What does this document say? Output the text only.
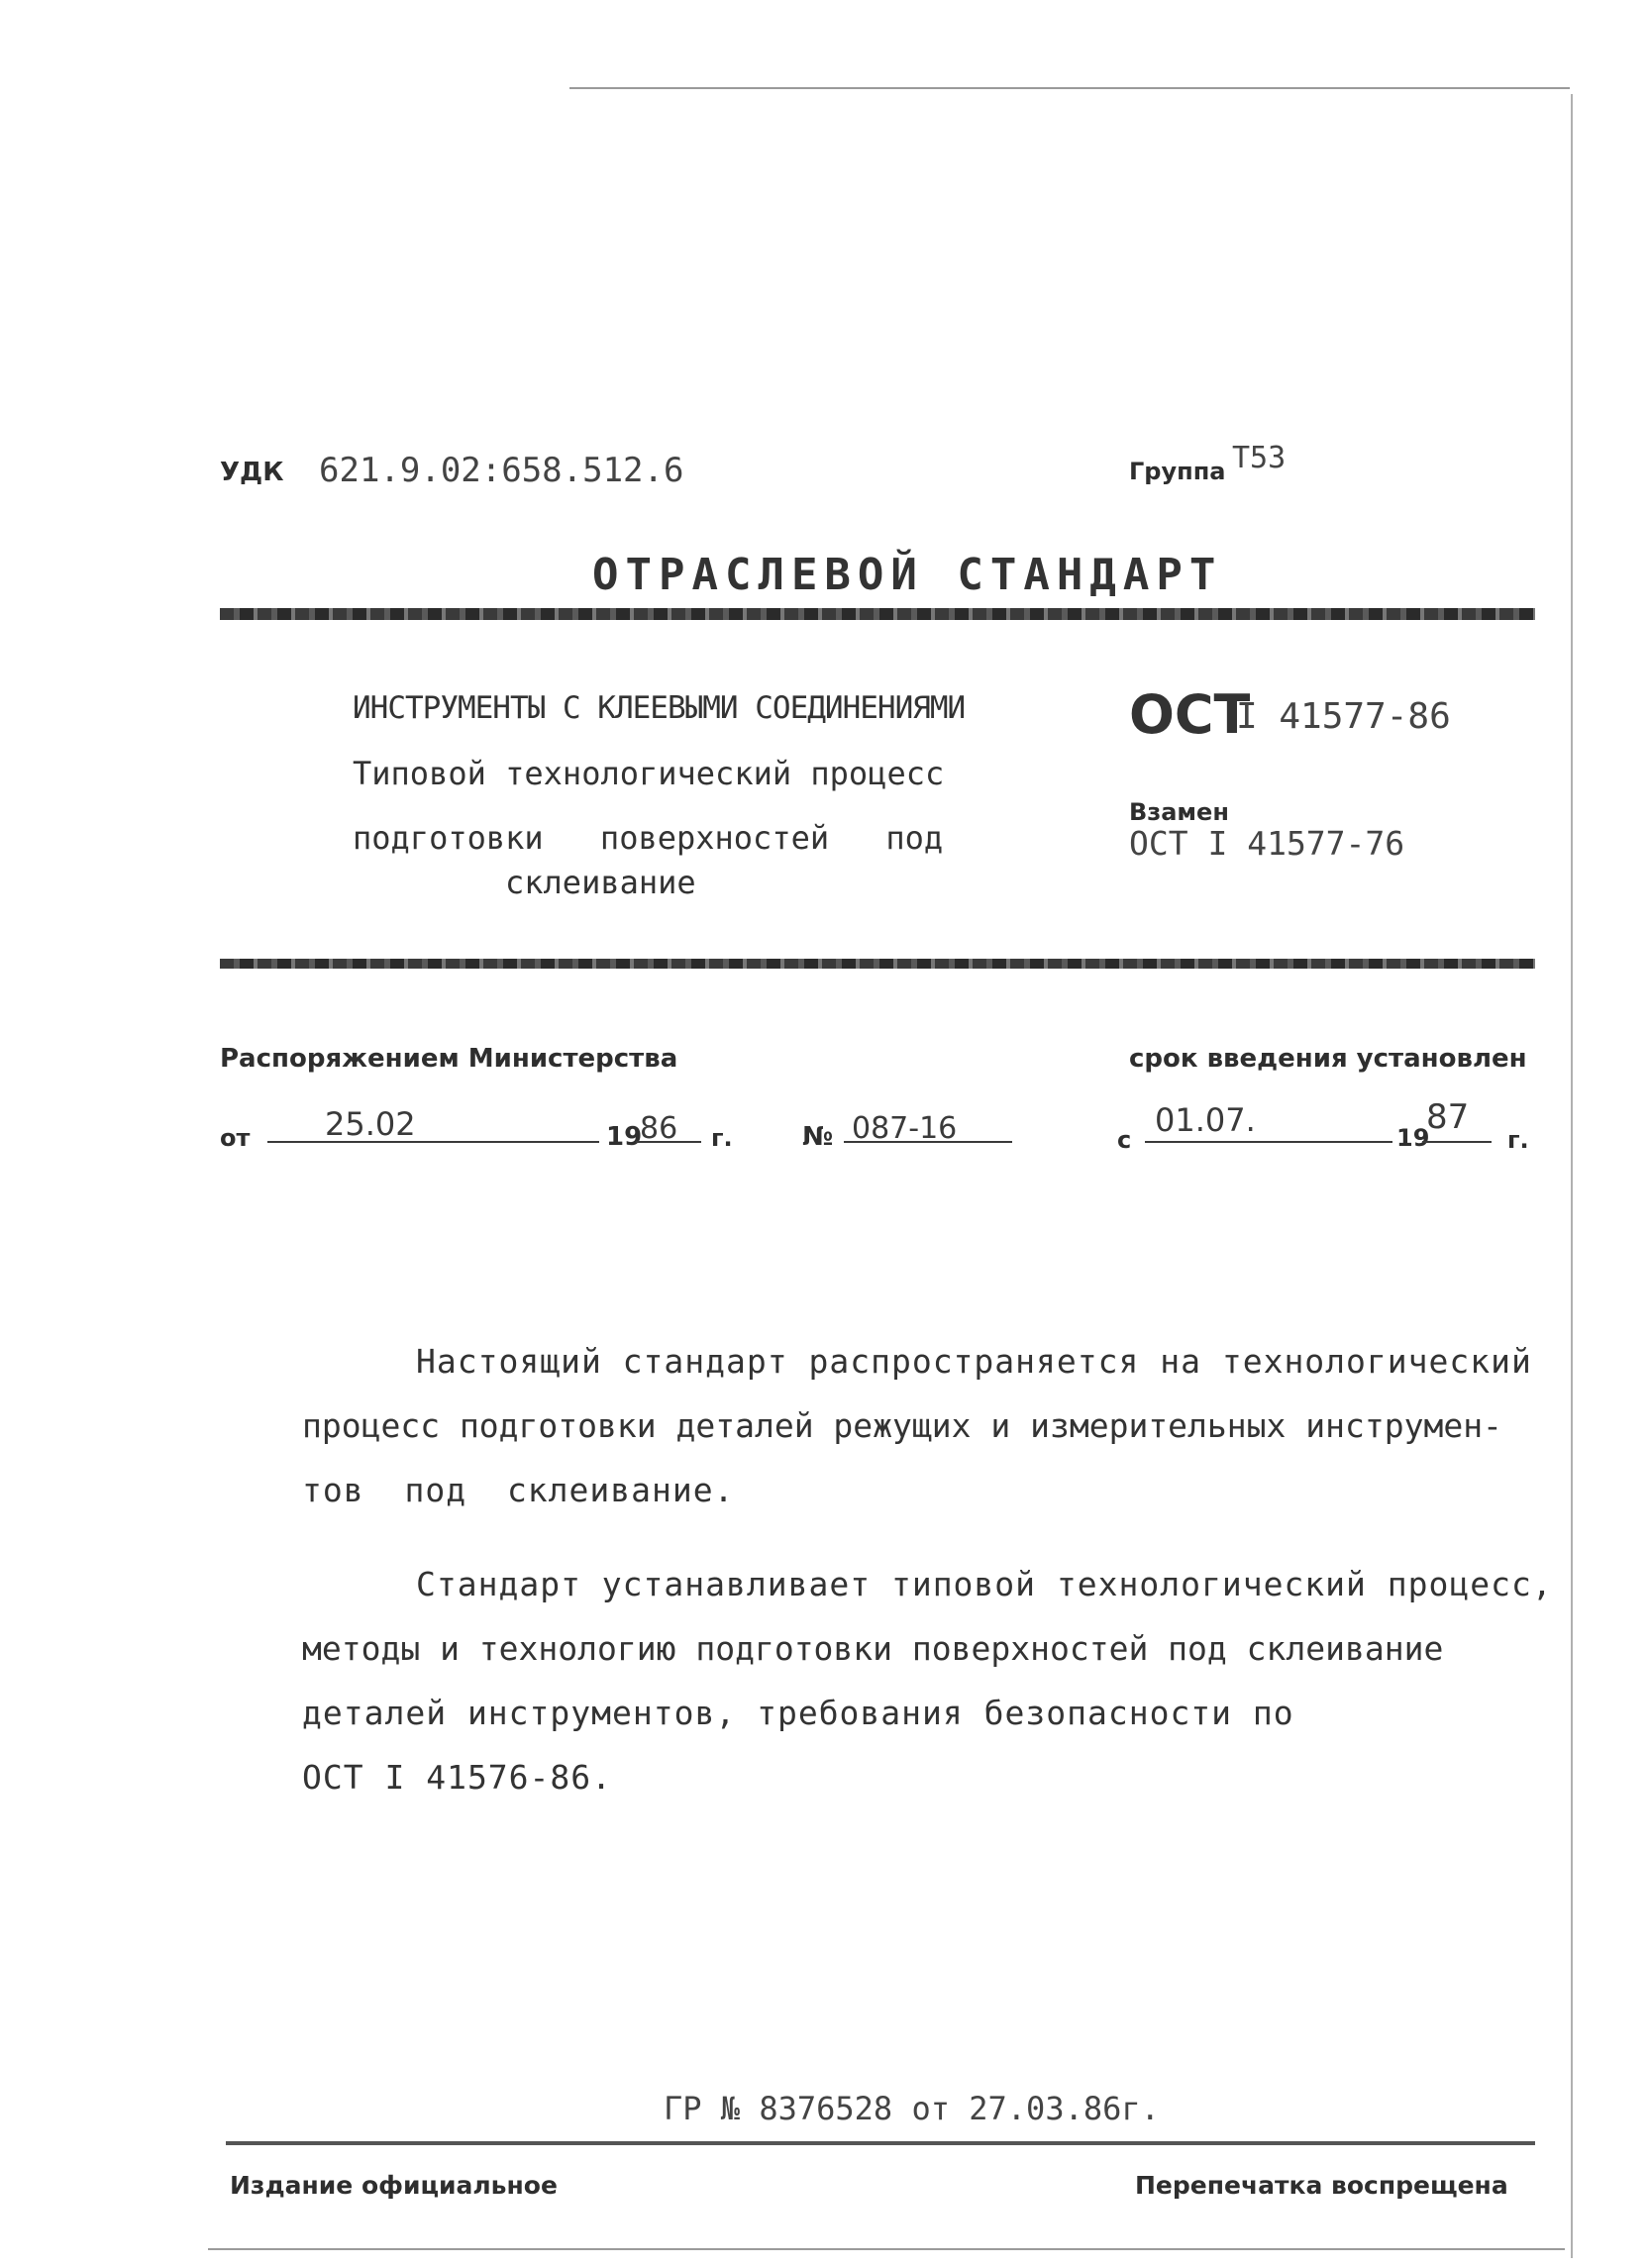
УДК 621.9.02:658.512.6	Группа Т53
ОТРАСЛЕВОЙ СТАНДАРТ
ИНСТРУМЕНТЫ С КЛЕЕВЫМИ СОЕДИНЕНИЯМИ
Типовой технологический процесс
подготовки поверхностей под
склеивание
ОСТ
I 41577-86
Взамен
ОСТ I 41577-76
Распоряжением Министерства
от 25.02	19
86 г.	№ 087-16
срок введения установлен
с
01.07.	19
87
г.
Настоящий стандарт распространяется на технологический
процесс подготовки деталей режущих и измерительных инструмен-
тов под склеивание.
Стандарт устанавливает типовой технологический процесс,
методы и технологию подготовки поверхностей под склеивание
деталей инструментов, требования безопасности по
ОСТ I 41576-86.
ГР № 8376528 от 27.03.86г.
Издание официальное	Перепечатка воспрещена
